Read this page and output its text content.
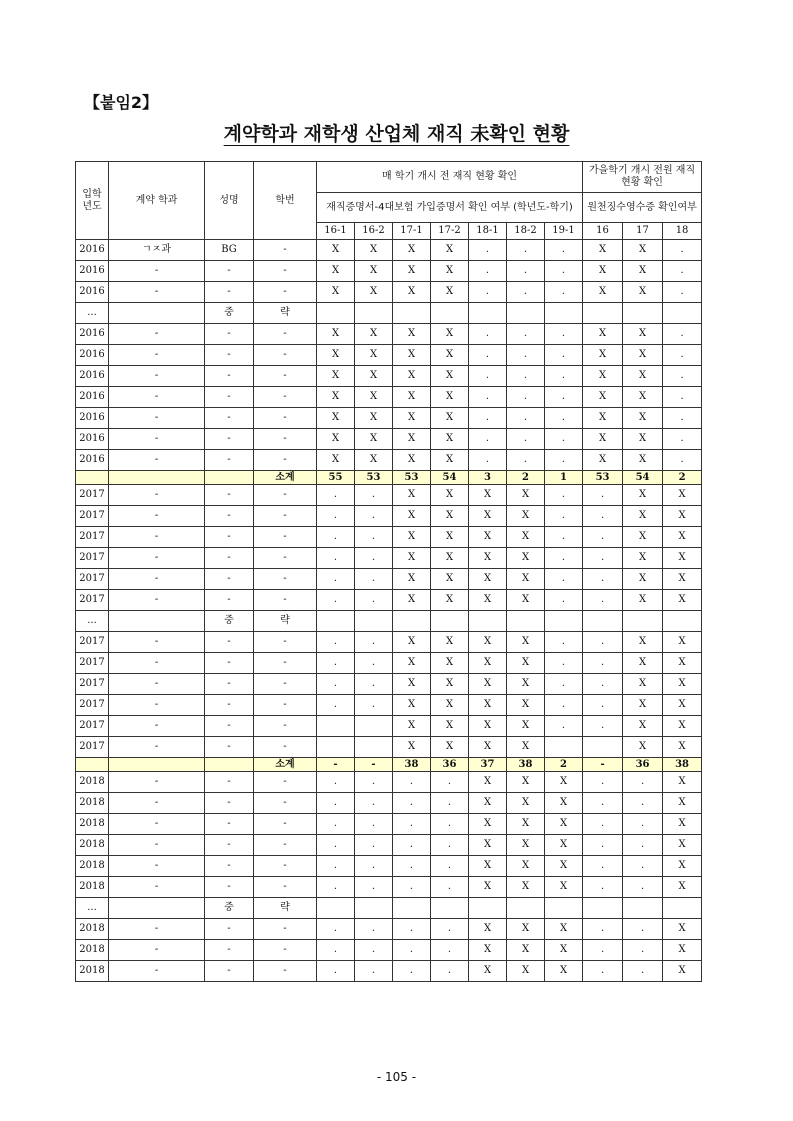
【붙임2】
계약학과 재학생 산업체 재직 未확인 현황
입학 년도	계약 학과	성명	학번	매 학기 개시 전 재직 현황 확인							가을학기 개시 전원 재직 현황 확인		
				재직증명서-4대보험 가입증명서 확인 여부 (학년도-학기)							원천징수영수증 확인여부		
				16-1	16-2	17-1	17-2	18-1	18-2	19-1	16	17	18
2016	ㄱㅈ과	BG	-	X	X	X	X	.	.	.	X	X	.
2016	-	-	-	X	X	X	X	.	.	.	X	X	.
2016	-	-	-	X	X	X	X	.	.	.	X	X	.
...		중	략										
2016	-	-	-	X	X	X	X	.	.	.	X	X	.
2016	-	-	-	X	X	X	X	.	.	.	X	X	.
2016	-	-	-	X	X	X	X	.	.	.	X	X	.
2016	-	-	-	X	X	X	X	.	.	.	X	X	.
2016	-	-	-	X	X	X	X	.	.	.	X	X	.
2016	-	-	-	X	X	X	X	.	.	.	X	X	.
2016	-	-	-	X	X	X	X	.	.	.	X	X	.
			소계	55	53	53	54	3	2	1	53	54	2
2017	-	-	-	.	.	X	X	X	X	.	.	X	X
2017	-	-	-	.	.	X	X	X	X	.	.	X	X
2017	-	-	-	.	.	X	X	X	X	.	.	X	X
2017	-	-	-	.	.	X	X	X	X	.	.	X	X
2017	-	-	-	.	.	X	X	X	X	.	.	X	X
2017	-	-	-	.	.	X	X	X	X	.	.	X	X
...		중	략										
2017	-	-	-	.	.	X	X	X	X	.	.	X	X
2017	-	-	-	.	.	X	X	X	X	.	.	X	X
2017	-	-	-	.	.	X	X	X	X	.	.	X	X
2017	-	-	-	.	.	X	X	X	X	.	.	X	X
2017	-	-	-			X	X	X	X	.	.	X	X
2017	-	-	-			X	X	X	X			X	X
			소계	-	-	38	36	37	38	2	-	36	38
2018	-	-	-	.	.	.	.	X	X	X	.	.	X
2018	-	-	-	.	.	.	.	X	X	X	.	.	X
2018	-	-	-	.	.	.	.	X	X	X	.	.	X
2018	-	-	-	.	.	.	.	X	X	X	.	.	X
2018	-	-	-	.	.	.	.	X	X	X	.	.	X
2018	-	-	-	.	.	.	.	X	X	X	.	.	X
...		중	략										
2018	-	-	-	.	.	.	.	X	X	X	.	.	X
2018	-	-	-	.	.	.	.	X	X	X	.	.	X
2018	-	-	-	.	.	.	.	X	X	X	.	.	X
- 105 -
